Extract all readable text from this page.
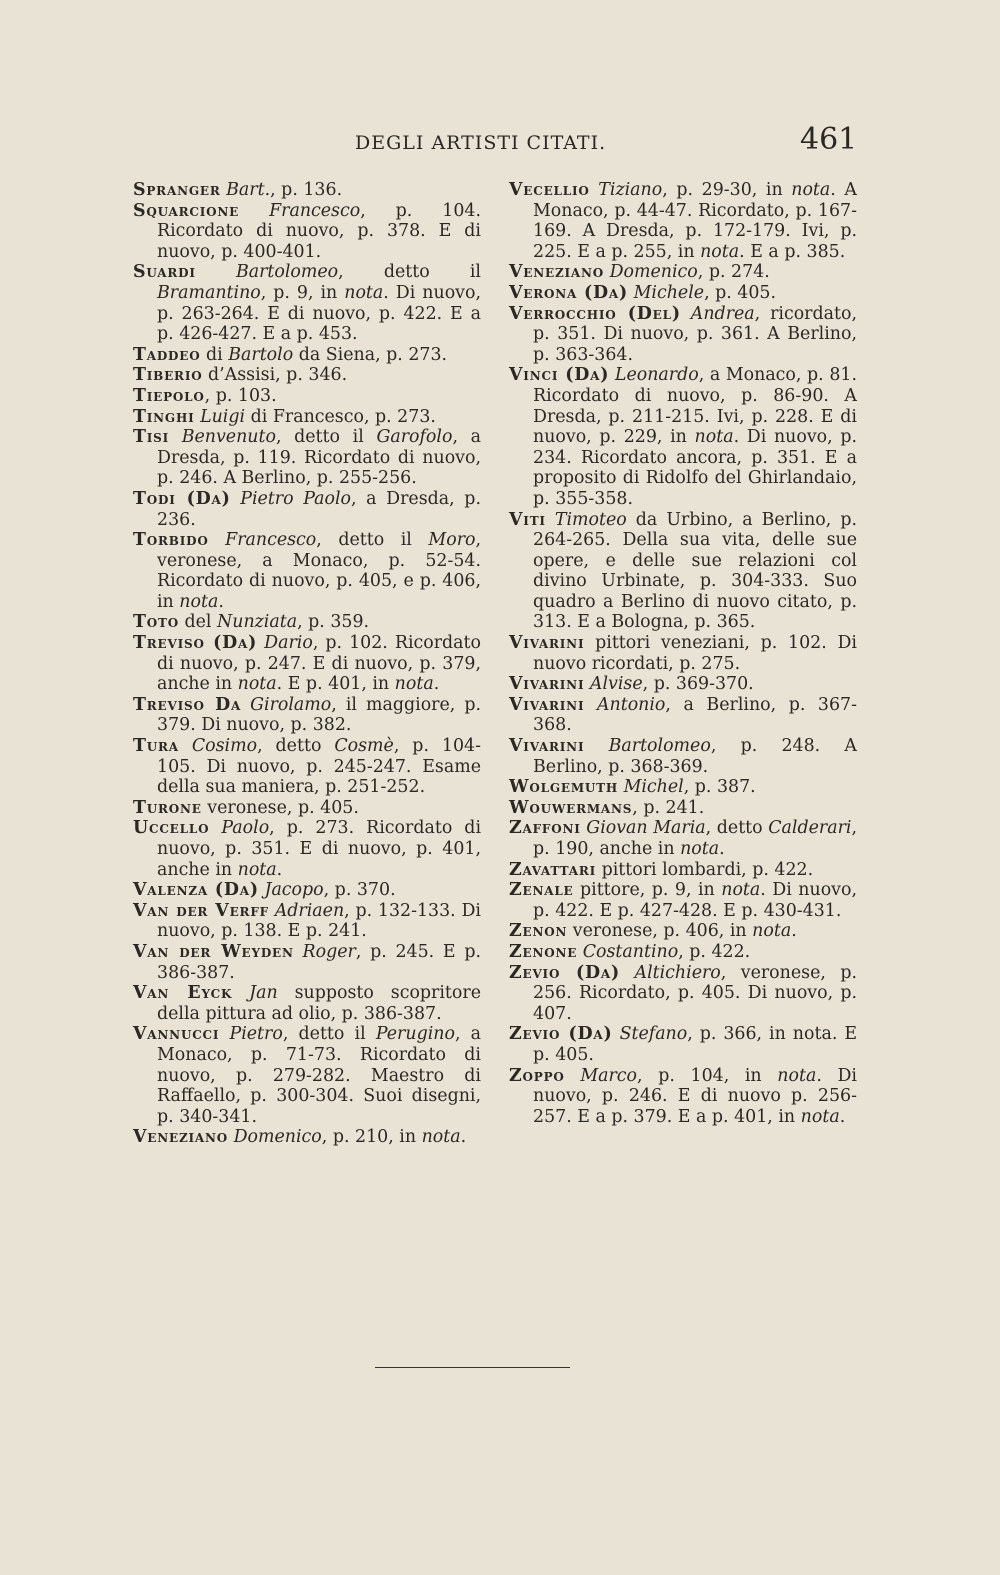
DEGLI ARTISTI CITATI.	461

Spranger Bart., p. 136.

Squarcione Francesco, p. 104. Ricordato di nuovo, p. 378. E di nuovo, p. 400-401.

Suardi Bartolomeo, detto il Bramantino, p. 9, in nota. Di nuovo, p. 263-264. E di nuovo, p. 422. E a p. 426-427. E a p. 453.

Taddeo di Bartolo da Siena, p. 273.

Tiberio d’Assisi, p. 346.

Tiepolo, p. 103.

Tinghi Luigi di Francesco, p. 273.

Tisi Benvenuto, detto il Garofolo, a Dresda, p. 119. Ricordato di nuovo, p. 246. A Berlino, p. 255-256.

Todi (Da) Pietro Paolo, a Dresda, p. 236.

Torbido Francesco, detto il Moro, veronese, a Monaco, p. 52-54. Ricordato di nuovo, p. 405, e p. 406, in nota.

Toto del Nunziata, p. 359.

Treviso (Da) Dario, p. 102. Ricordato di nuovo, p. 247. E di nuovo, p. 379, anche in nota. E p. 401, in nota.

Treviso Da Girolamo, il maggiore, p. 379. Di nuovo, p. 382.

Tura Cosimo, detto Cosmè, p. 104-105. Di nuovo, p. 245-247. Esame della sua maniera, p. 251-252.

Turone veronese, p. 405.

Uccello Paolo, p. 273. Ricordato di nuovo, p. 351. E di nuovo, p. 401, anche in nota.

Valenza (Da) Jacopo, p. 370.

Van der Verff Adriaen, p. 132-133. Di nuovo, p. 138. E p. 241.

Van der Weyden Roger, p. 245. E p. 386-387.

Van Eyck Jan supposto scopritore della pittura ad olio, p. 386-387.

Vannucci Pietro, detto il Perugino, a Monaco, p. 71-73. Ricordato di nuovo, p. 279-282. Maestro di Raffaello, p. 300-304. Suoi disegni, p. 340-341.

Veneziano Domenico, p. 210, in nota.

Vecellio Tiziano, p. 29-30, in nota. A Monaco, p. 44-47. Ricordato, p. 167-169. A Dresda, p. 172-179. Ivi, p. 225. E a p. 255, in nota. E a p. 385.

Veneziano Domenico, p. 274.

Verona (Da) Michele, p. 405.

Verrocchio (Del) Andrea, ricordato, p. 351. Di nuovo, p. 361. A Berlino, p. 363-364.

Vinci (Da) Leonardo, a Monaco, p. 81. Ricordato di nuovo, p. 86-90. A Dresda, p. 211-215. Ivi, p. 228. E di nuovo, p. 229, in nota. Di nuovo, p. 234. Ricordato ancora, p. 351. E a proposito di Ridolfo del Ghirlandaio, p. 355-358.

Viti Timoteo da Urbino, a Berlino, p. 264-265. Della sua vita, delle sue opere, e delle sue relazioni col divino Urbinate, p. 304-333. Suo quadro a Berlino di nuovo citato, p. 313. E a Bologna, p. 365.

Vivarini pittori veneziani, p. 102. Di nuovo ricordati, p. 275.

Vivarini Alvise, p. 369-370.

Vivarini Antonio, a Berlino, p. 367-368.

Vivarini Bartolomeo, p. 248. A Berlino, p. 368-369.

Wolgemuth Michel, p. 387.

Wouwermans, p. 241.

Zaffoni Giovan Maria, detto Calderari, p. 190, anche in nota.

Zavattari pittori lombardi, p. 422.

Zenale pittore, p. 9, in nota. Di nuovo, p. 422. E p. 427-428. E p. 430-431.

Zenon veronese, p. 406, in nota.

Zenone Costantino, p. 422.

Zevio (Da) Altichiero, veronese, p. 256. Ricordato, p. 405. Di nuovo, p. 407.

Zevio (Da) Stefano, p. 366, in nota. E p. 405.

Zoppo Marco, p. 104, in nota. Di nuovo, p. 246. E di nuovo p. 256-257. E a p. 379. E a p. 401, in nota.
